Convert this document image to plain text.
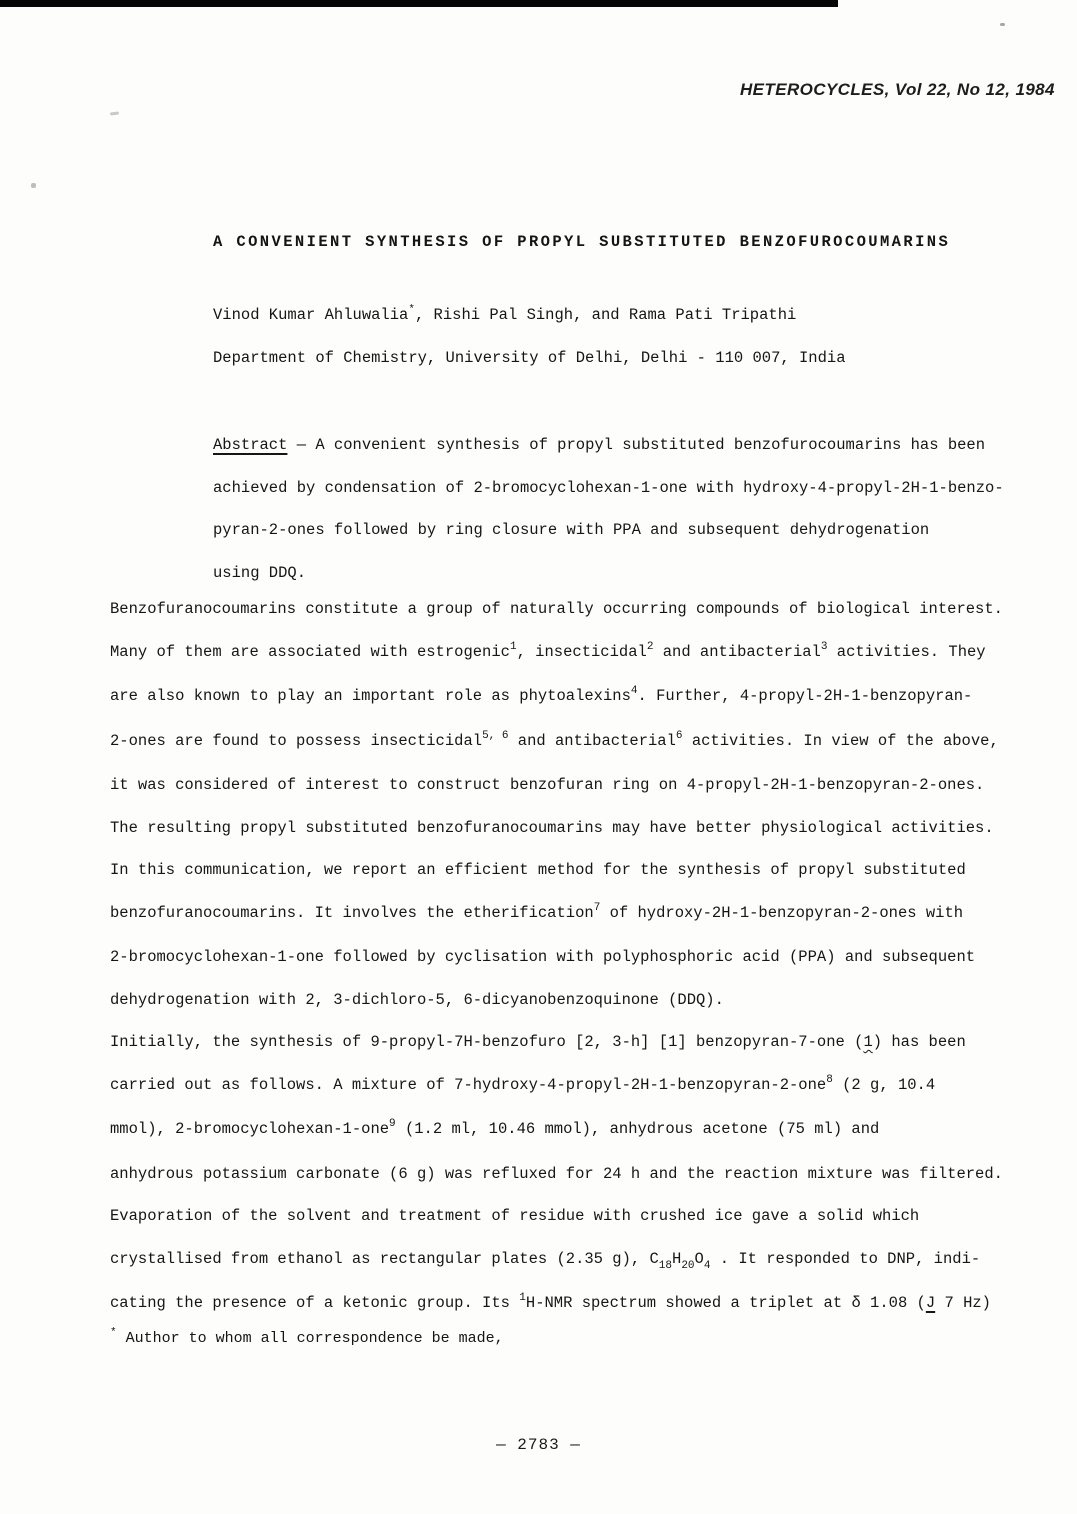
HETEROCYCLES, Vol 22, No 12, 1984
A CONVENIENT SYNTHESIS OF PROPYL SUBSTITUTED BENZOFUROCOUMARINS
Vinod Kumar Ahluwalia*, Rishi Pal Singh, and Rama Pati Tripathi
Department of Chemistry, University of Delhi, Delhi - 110 007, India
Abstract — A convenient synthesis of propyl substituted benzofurocoumarins has been
achieved by condensation of 2-bromocyclohexan-1-one with hydroxy-4-propyl-2H-1-benzo-
pyran-2-ones followed by ring closure with PPA and subsequent dehydrogenation
using DDQ.
Benzofuranocoumarins constitute a group of naturally occurring compounds of biological interest.
Many of them are associated with estrogenic$^1$, insecticidal$^2$ and antibacterial$^3$ activities. They
are also known to play an important role as phytoalexins$^4$. Further, 4-propyl-2H-1-benzopyran-
2-ones are found to possess insecticidal$^{5, 6}$ and antibacterial$^6$ activities. In view of the above,
it was considered of interest to construct benzofuran ring on 4-propyl-2H-1-benzopyran-2-ones.
The resulting propyl substituted benzofuranocoumarins may have better physiological activities.
In this communication, we report an efficient method for the synthesis of propyl substituted
benzofuranocoumarins. It involves the etherification$^7$ of hydroxy-2H-1-benzopyran-2-ones with
2-bromocyclohexan-1-one followed by cyclisation with polyphosphoric acid (PPA) and subsequent
dehydrogenation with 2, 3-dichloro-5, 6-dicyanobenzoquinone (DDQ).
Initially, the synthesis of 9-propyl-7H-benzofuro [2, 3-h] [1] benzopyran-7-one (1) has been
carried out as follows. A mixture of 7-hydroxy-4-propyl-2H-1-benzopyran-2-one$^8$ (2 g, 10.4
mmol), 2-bromocyclohexan-1-one$^9$ (1.2 ml, 10.46 mmol), anhydrous acetone (75 ml) and
anhydrous potassium carbonate (6 g) was refluxed for 24 h and the reaction mixture was filtered.
Evaporation of the solvent and treatment of residue with crushed ice gave a solid which
crystallised from ethanol as rectangular plates (2.35 g), $C_{18}H_{20}O_4$ . It responded to DNP, indi-
cating the presence of a ketonic group. Its $^1$H-NMR spectrum showed a triplet at δ 1.08 (J 7 Hz)
* Author to whom all correspondence be made,
— 2783 —
